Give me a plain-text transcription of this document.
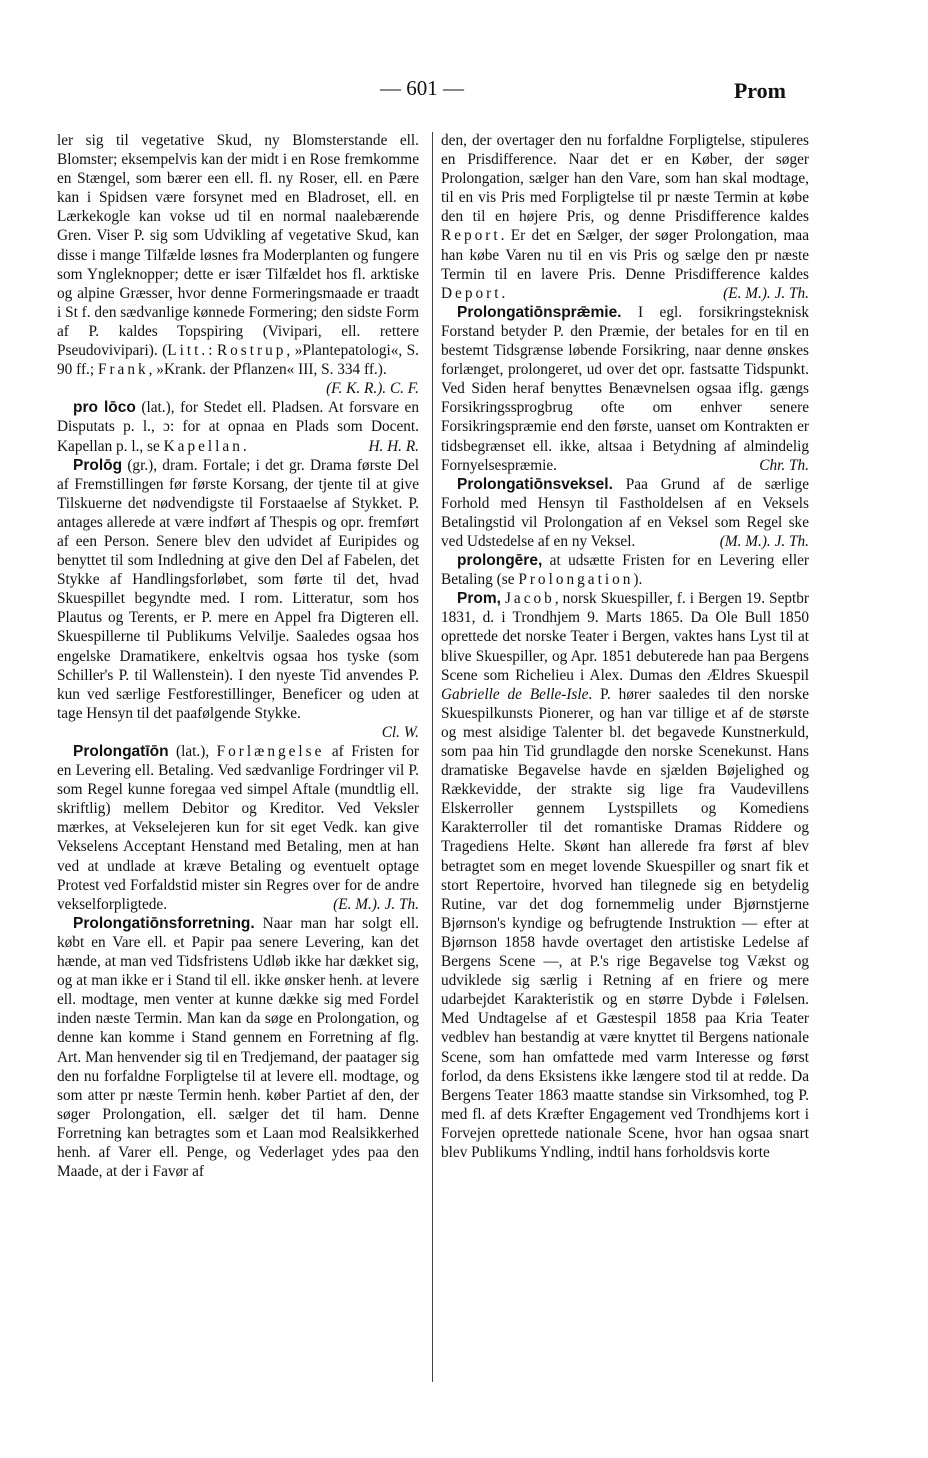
— 601 —	Prom

ler sig til vegetative Skud, ny Blomsterstande ell. Blomster; eksempelvis kan der midt i en Rose fremkomme en Stængel, som bærer een ell. fl. ny Roser, ell. en Pære kan i Spidsen være forsynet med en Bladroset, ell. en Lærkekogle kan vokse ud til en normal naalebærende Gren. Viser P. sig som Udvikling af vegetative Skud, kan disse i mange Tilfælde løsnes fra Moderplanten og fungere som Yngleknopper; dette er især Tilfældet hos fl. arktiske og alpine Græsser, hvor denne Formeringsmaade er traadt i St f. den sædvanlige kønnede Formering; den sidste Form af P. kaldes Topspiring (Vivipari, ell. rettere Pseudovivipari). (Litt.: Rostrup, »Plantepatologi«, S. 90 ff.; Frank, »Krank. der Pflanzen« III, S. 334 ff.).

(F. K. R.). C. F.

pro lōco (lat.), for Stedet ell. Pladsen. At forsvare en Disputats p. l., ɔ: for at opnaa en Plads som Docent. Kapellan p. l., se Kapellan.	H. H. R.

Prolōg (gr.), dram. Fortale; i det gr. Drama første Del af Fremstillingen før første Korsang, der tjente til at give Tilskuerne det nødvendigste til Forstaaelse af Stykket. P. antages allerede at være indført af Thespis og opr. fremført af een Person. Senere blev den udvidet af Euripides og benyttet til som Indledning at give den Del af Fabelen, det Stykke af Handlingsforløbet, som førte til det, hvad Skuespillet begyndte med. I rom. Litteratur, som hos Plautus og Terents, er P. mere en Appel fra Digteren ell. Skuespillerne til Publikums Velvilje. Saaledes ogsaa hos engelske Dramatikere, enkeltvis ogsaa hos tyske (som Schiller's P. til Wallenstein). I den nyeste Tid anvendes P. kun ved særlige Festforestillinger, Beneficer og uden at tage Hensyn til det paafølgende Stykke.

Cl. W.

Prolongatīōn (lat.), Forlængelse af Fristen for en Levering ell. Betaling. Ved sædvanlige Fordringer vil P. som Regel kunne foregaa ved simpel Aftale (mundtlig ell. skriftlig) mellem Debitor og Kreditor. Ved Veksler mærkes, at Vekselejeren kun for sit eget Vedk. kan give Vekselens Acceptant Henstand med Betaling, men at han ved at undlade at kræve Betaling og eventuelt optage Protest ved Forfaldstid mister sin Regres over for de andre vekselforpligtede.	(E. M.). J. Th.

Prolongatiōnsforretning. Naar man har solgt ell. købt en Vare ell. et Papir paa senere Levering, kan det hænde, at man ved Tidsfristens Udløb ikke har dækket sig, og at man ikke er i Stand til ell. ikke ønsker henh. at levere ell. modtage, men venter at kunne dække sig med Fordel inden næste Termin. Man kan da søge en Prolongation, og denne kan komme i Stand gennem en Forretning af flg. Art. Man henvender sig til en Tredjemand, der paatager sig den nu forfaldne Forpligtelse til at levere ell. modtage, og som atter pr næste Termin henh. køber Partiet af den, der søger Prolongation, ell. sælger det til ham. Denne Forretning kan betragtes som et Laan mod Realsikkerhed henh. af Varer ell. Penge, og Vederlaget ydes paa den Maade, at der i Favør af

den, der overtager den nu forfaldne Forpligtelse, stipuleres en Prisdifference. Naar det er en Køber, der søger Prolongation, sælger han den Vare, som han skal modtage, til en vis Pris med Forpligtelse til pr næste Termin at købe den til en højere Pris, og denne Prisdifference kaldes Report. Er det en Sælger, der søger Prolongation, maa han købe Varen nu til en vis Pris og sælge den pr næste Termin til en lavere Pris. Denne Prisdifference kaldes Deport.	(E. M.). J. Th.

Prolongatiōnsprǣmie. I egl. forsikringsteknisk Forstand betyder P. den Præmie, der betales for en til en bestemt Tidsgrænse løbende Forsikring, naar denne ønskes forlænget, prolongeret, ud over det opr. fastsatte Tidspunkt. Ved Siden heraf benyttes Benævnelsen ogsaa iflg. gængs Forsikringssprogbrug ofte om enhver senere Forsikringspræmie end den første, uanset om Kontrakten er tidsbegrænset ell. ikke, altsaa i Betydning af almindelig Fornyelsespræmie.	Chr. Th.

Prolongatiōnsveksel. Paa Grund af de særlige Forhold med Hensyn til Fastholdelsen af en Veksels Betalingstid vil Prolongation af en Veksel som Regel ske ved Udstedelse af en ny Veksel.	(M. M.). J. Th.

prolongēre, at udsætte Fristen for en Levering eller Betaling (se Prolongation).

Prom, Jacob, norsk Skuespiller, f. i Bergen 19. Septbr 1831, d. i Trondhjem 9. Marts 1865. Da Ole Bull 1850 oprettede det norske Teater i Bergen, vaktes hans Lyst til at blive Skuespiller, og Apr. 1851 debuterede han paa Bergens Scene som Richelieu i Alex. Dumas den Ældres Skuespil Gabrielle de Belle-Isle. P. hører saaledes til den norske Skuespilkunsts Pionerer, og han var tillige et af de største og mest alsidige Talenter bl. det begavede Kunstnerkuld, som paa hin Tid grundlagde den norske Scenekunst. Hans dramatiske Begavelse havde en sjælden Bøjelighed og Rækkevidde, der strakte sig lige fra Vaudevillens Elskerroller gennem Lystspillets og Komediens Karakterroller til det romantiske Dramas Riddere og Tragediens Helte. Skønt han allerede fra først af blev betragtet som en meget lovende Skuespiller og snart fik et stort Repertoire, hvorved han tilegnede sig en betydelig Rutine, var det dog fornemmelig under Bjørnstjerne Bjørnson's kyndige og befrugtende Instruktion — efter at Bjørnson 1858 havde overtaget den artistiske Ledelse af Bergens Scene —, at P.'s rige Begavelse tog Vækst og udviklede sig særlig i Retning af en friere og mere udarbejdet Karakteristik og en større Dybde i Følelsen. Med Undtagelse af et Gæstespil 1858 paa Kria Teater vedblev han bestandig at være knyttet til Bergens nationale Scene, som han omfattede med varm Interesse og først forlod, da dens Eksistens ikke længere stod til at redde. Da Bergens Teater 1863 maatte standse sin Virksomhed, tog P. med fl. af dets Kræfter Engagement ved Trondhjems kort i Forvejen oprettede nationale Scene, hvor han ogsaa snart blev Publikums Yndling, indtil hans forholdsvis korte
